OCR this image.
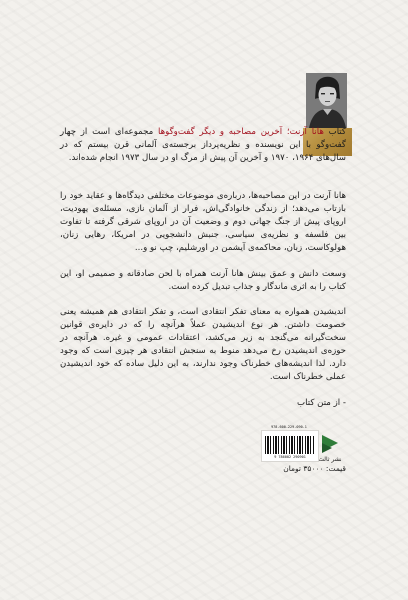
کتاب هانا آرنت؛ آخرین مصاحبه و دیگر گفت‌وگوها مجموعه‌ای است از چهار گفت‌وگو با این نویسنده و نظریه‌پرداز برجسته‌ی آلمانی قرن بیستم که در سال‌های ۱۹۶۴، ۱۹۷۰ و آخرین آن پیش از مرگ او در سال ۱۹۷۳ انجام شده‌اند.

هانا آرنت در این مصاحبه‌ها، درباره‌ی موضوعات مختلفی دیدگاه‌ها و عقاید خود را بازتاب می‌دهد؛ از زندگی خانوادگی‌اش، فرار از آلمان نازی، مسئله‌ی یهودیت، اروپای پیش از جنگ جهانی دوم و وضعیت آن در اروپای شرقی گرفته تا تفاوت بین فلسفه و نظریه‌ی سیاسی، جنبش دانشجویی در امریکا، رهایی زنان، هولوکاست، زبان، محاکمه‌ی آیشمن در اورشلیم، چپ نو و...

وسعت دانش و عمق بینش هانا آرنت همراه با لحن صادقانه و صمیمی او، این کتاب را به اثری ماندگار و جذاب تبدیل کرده است.

اندیشیدن همواره به معنای تفکر انتقادی است، و تفکر انتقادی هم همیشه یعنی خصومت داشتن. هر نوع اندیشیدن عملاً هرآنچه را که در دایره‌ی قوانین سخت‌گیرانه می‌گنجد به زیر می‌کشد، اعتقادات عمومی و غیره. هرآنچه در حوزه‌ی اندیشیدن رخ می‌دهد منوط به سنجش انتقادی هر چیزی است که وجود دارد. لذا اندیشه‌های خطرناک وجود ندارند، به این دلیل ساده که خود اندیشیدن عملی خطرناک است.

- از متن کتاب
978-600-229-090-1
9 786002 290901	نشر ثالث
قیمت: ۳۵۰۰۰ تومان
